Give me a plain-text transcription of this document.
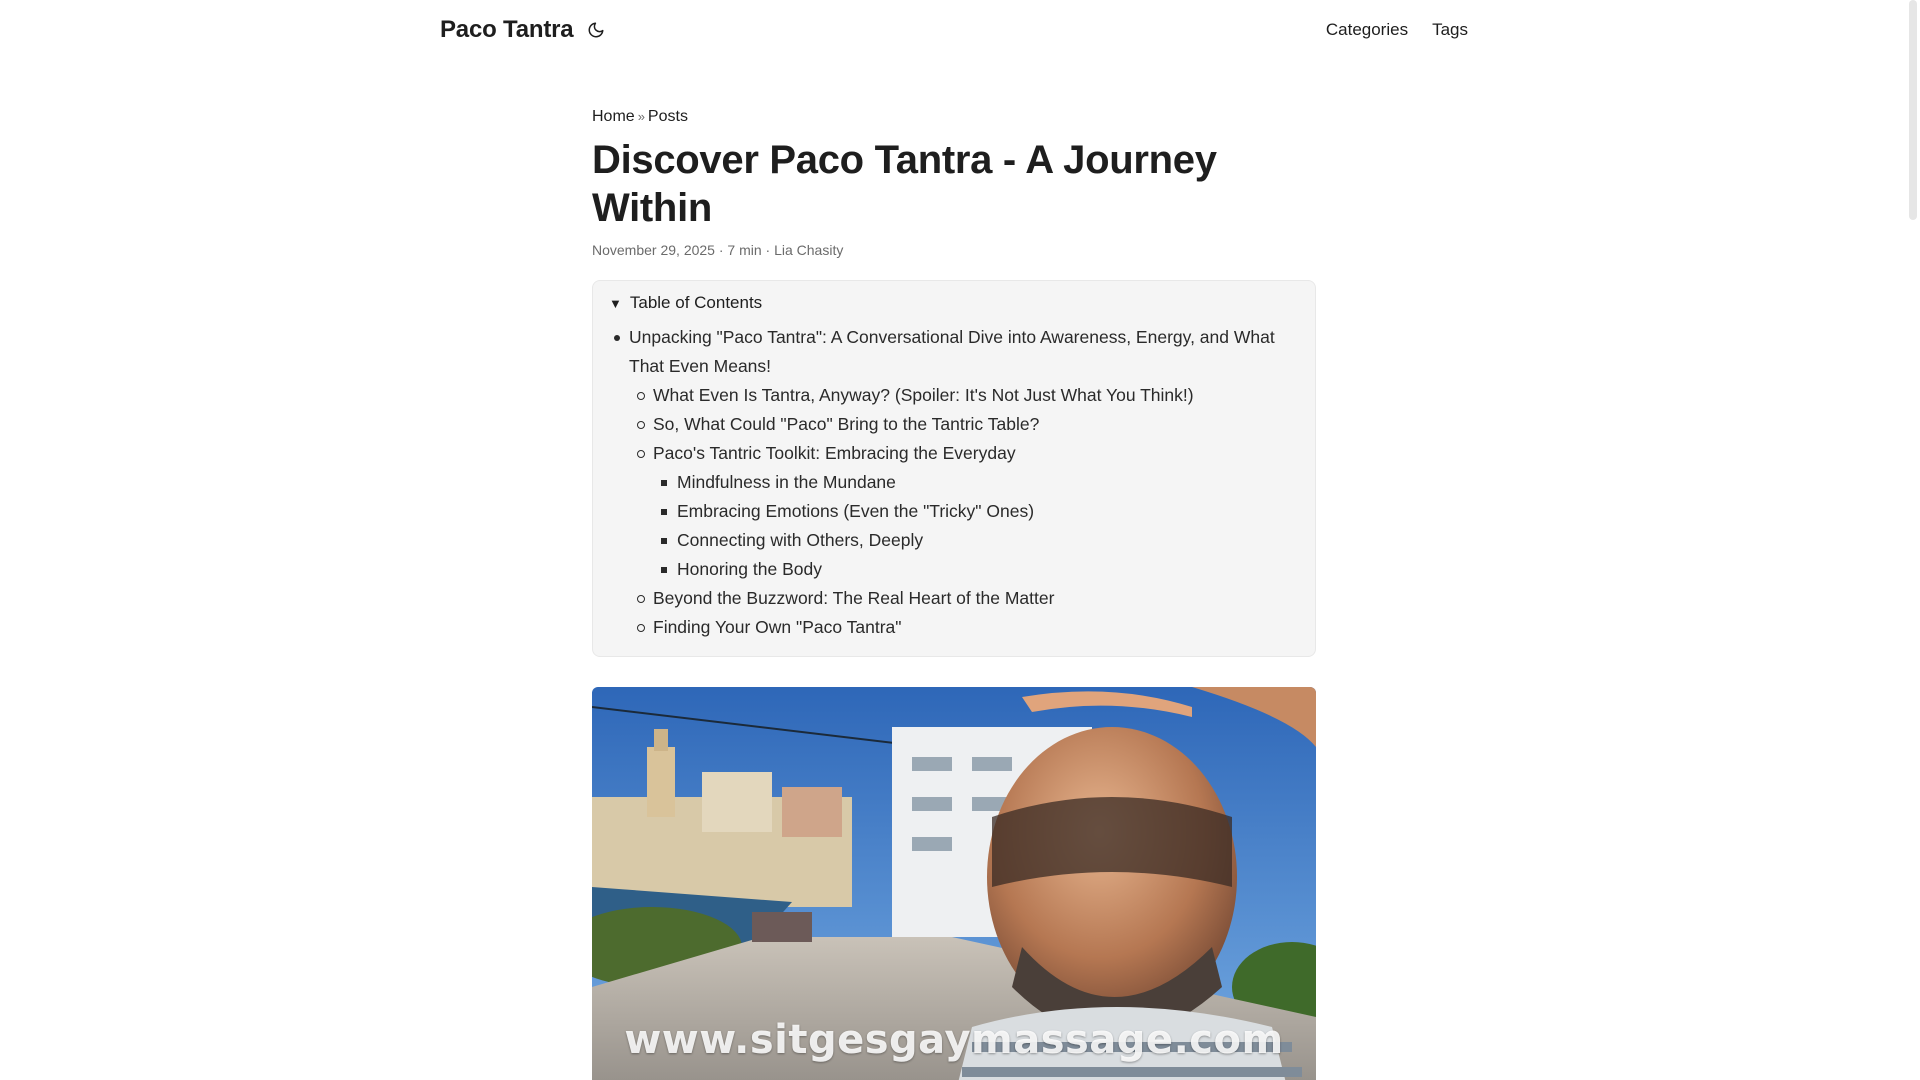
Paco Tantra	Categories Tags
Home » Posts
Discover Paco Tantra - A Journey Within
November 29, 2025 · 7 min · Lia Chasity
▼ Table of Contents
Unpacking "Paco Tantra": A Conversational Dive into Awareness, Energy, and What That Even Means!
What Even Is Tantra, Anyway? (Spoiler: It's Not Just What You Think!)
So, What Could "Paco" Bring to the Tantric Table?
Paco's Tantric Toolkit: Embracing the Everyday
Mindfulness in the Mundane
Embracing Emotions (Even the "Tricky" Ones)
Connecting with Others, Deeply
Honoring the Body
Beyond the Buzzword: The Real Heart of the Matter
Finding Your Own "Paco Tantra"
www.sitgesgaymassage.com
